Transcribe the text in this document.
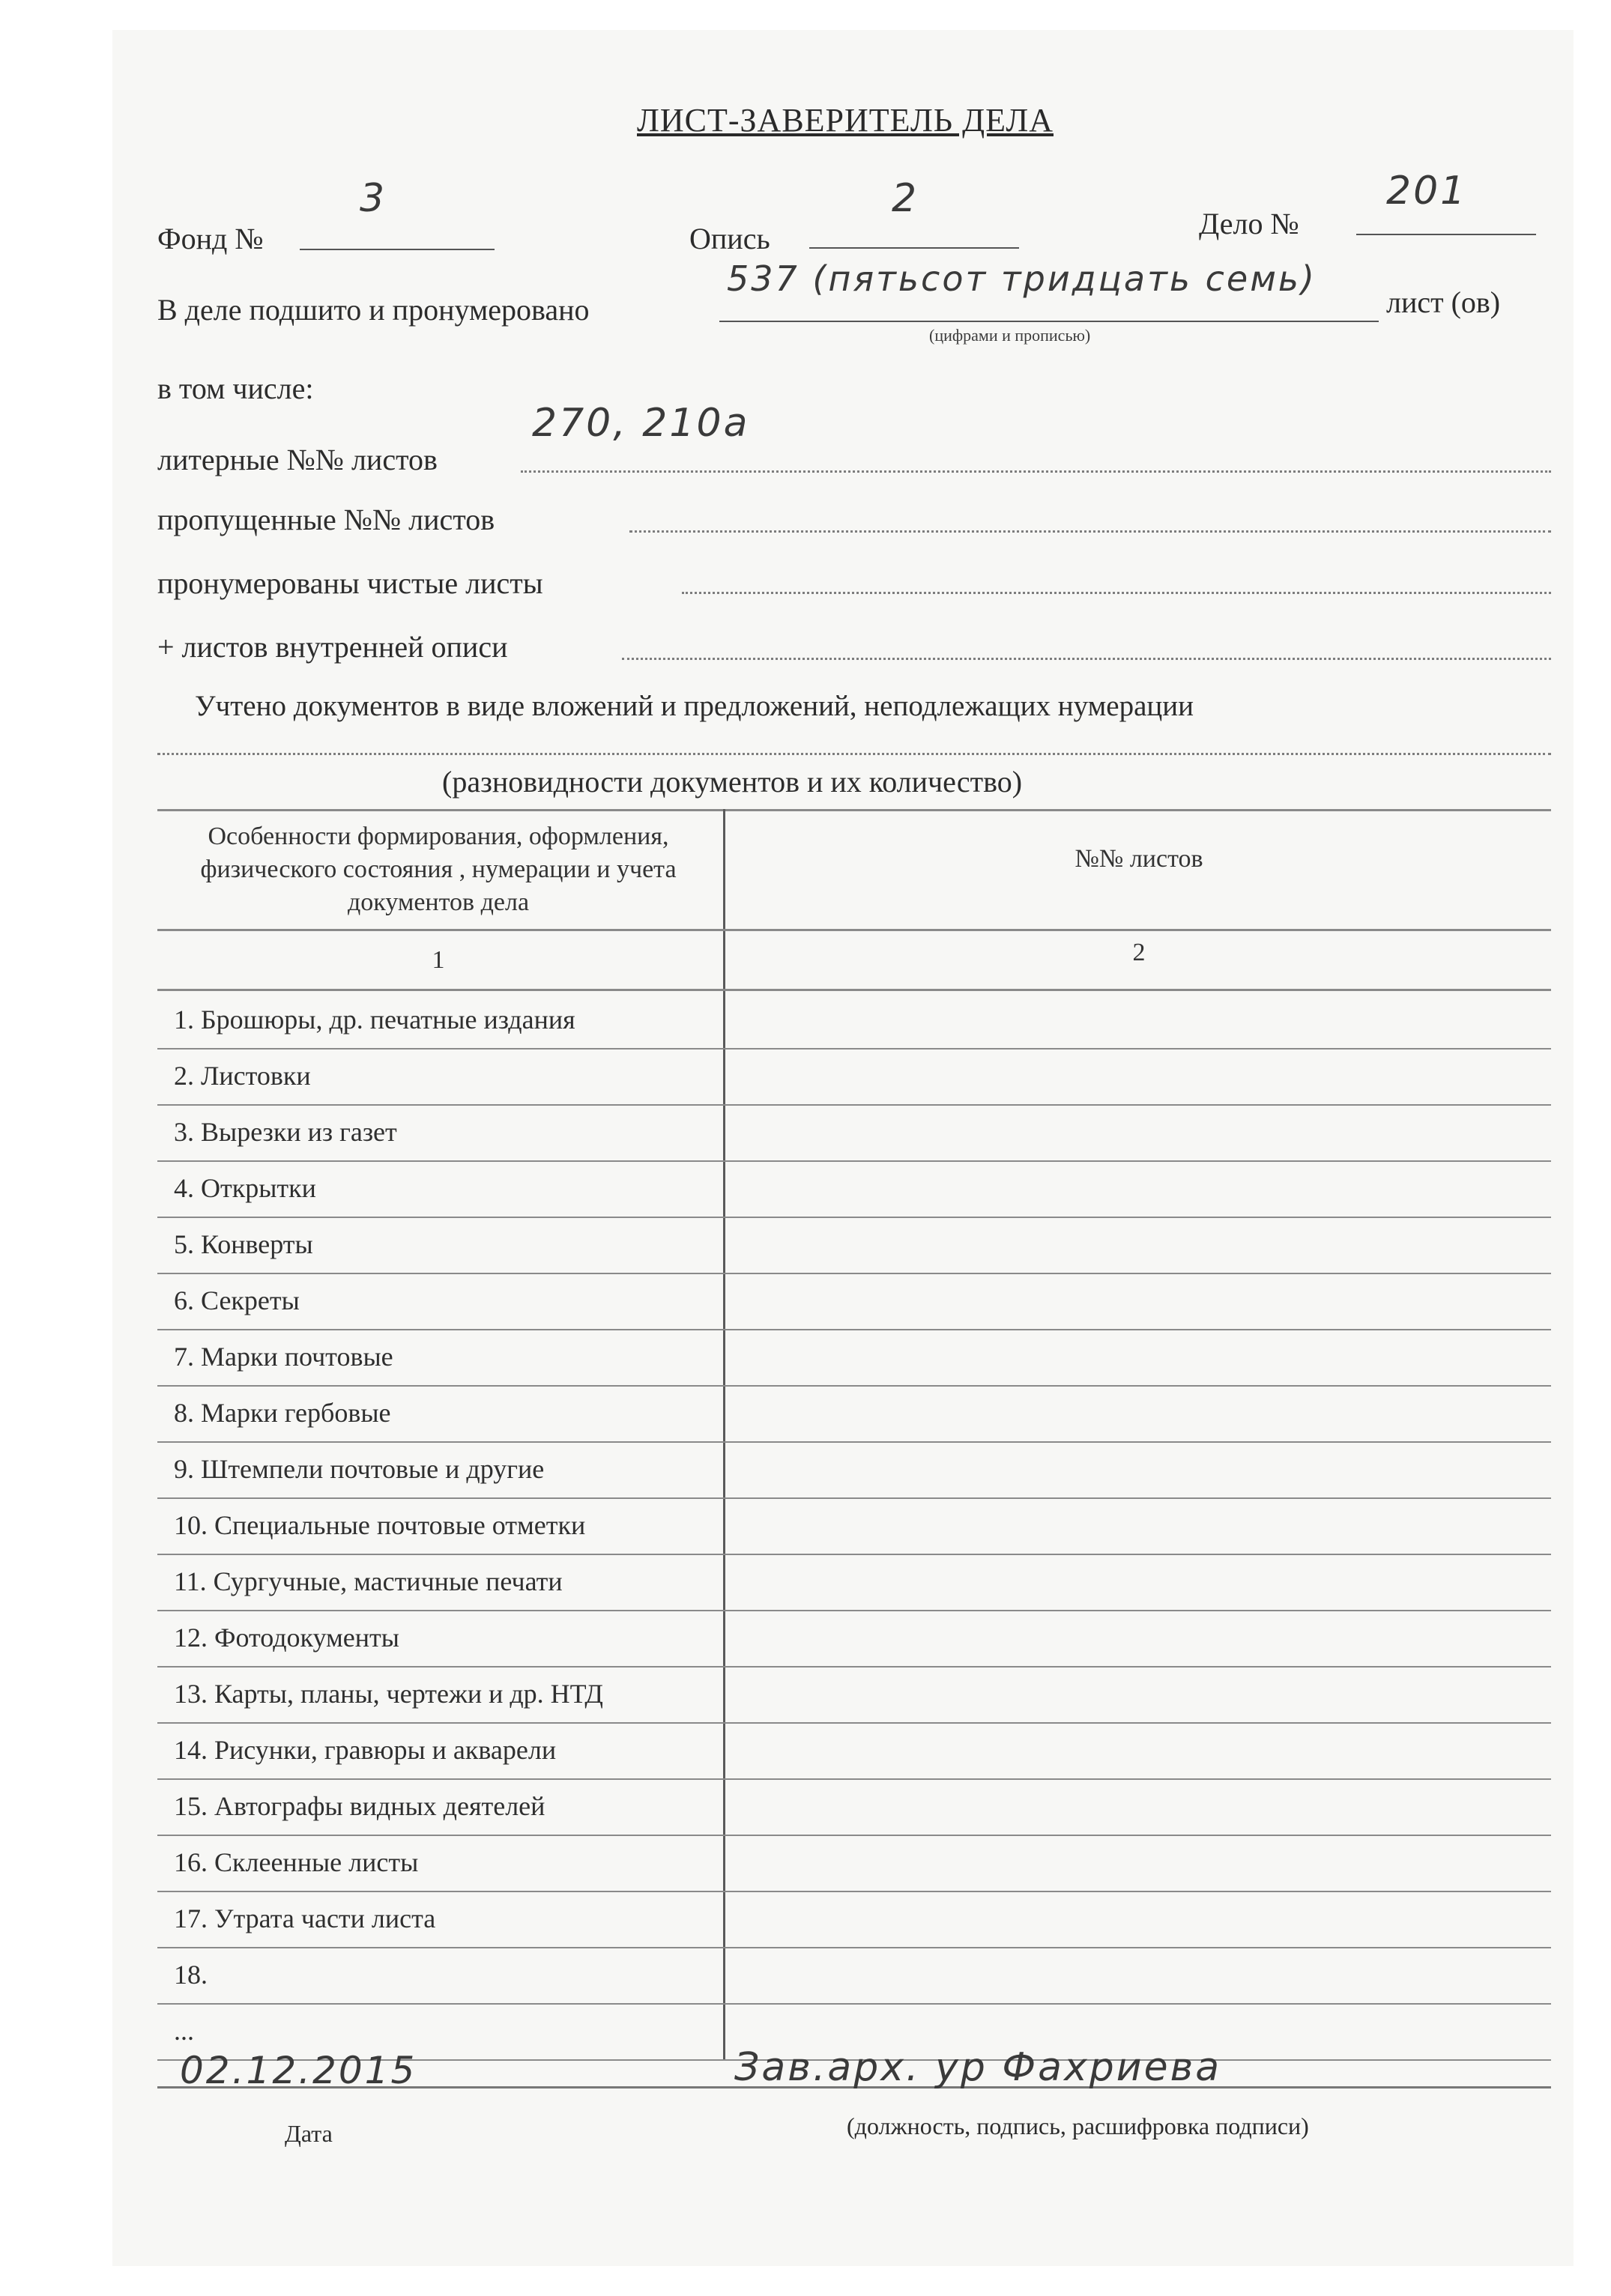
ЛИСТ-ЗАВЕРИТЕЛЬ ДЕЛА
Фонд №
3
Опись
2
Дело №
201
В деле подшито и пронумеровано
537 (пятьсот тридцать семь)
лист (ов)
(цифрами и прописью)
в том числе:
литерные №№ листов
270, 210а
пропущенные №№ листов
пронумерованы чистые листы
+ листов внутренней описи
Учтено документов в виде вложений и предложений, неподлежащих нумерации
(разновидности документов и их количество)
Особенности формирования, оформления, физического состояния , нумерации и учета документов дела
№№ листов
1	2
1. Брошюры, др. печатные издания
2. Листовки
3. Вырезки из газет
4. Открытки
5. Конверты
6. Секреты
7. Марки почтовые
8. Марки гербовые
9. Штемпели почтовые и другие
10. Специальные почтовые отметки
11. Сургучные, мастичные печати
12. Фотодокументы
13. Карты, планы, чертежи и др. НТД
14. Рисунки, гравюры и акварели
15. Автографы видных деятелей
16. Склеенные листы
17. Утрата части листа
18.
...
02.12.2015
Дата
Зав.арх. ур Фахриева
(должность, подпись, расшифровка подписи)
